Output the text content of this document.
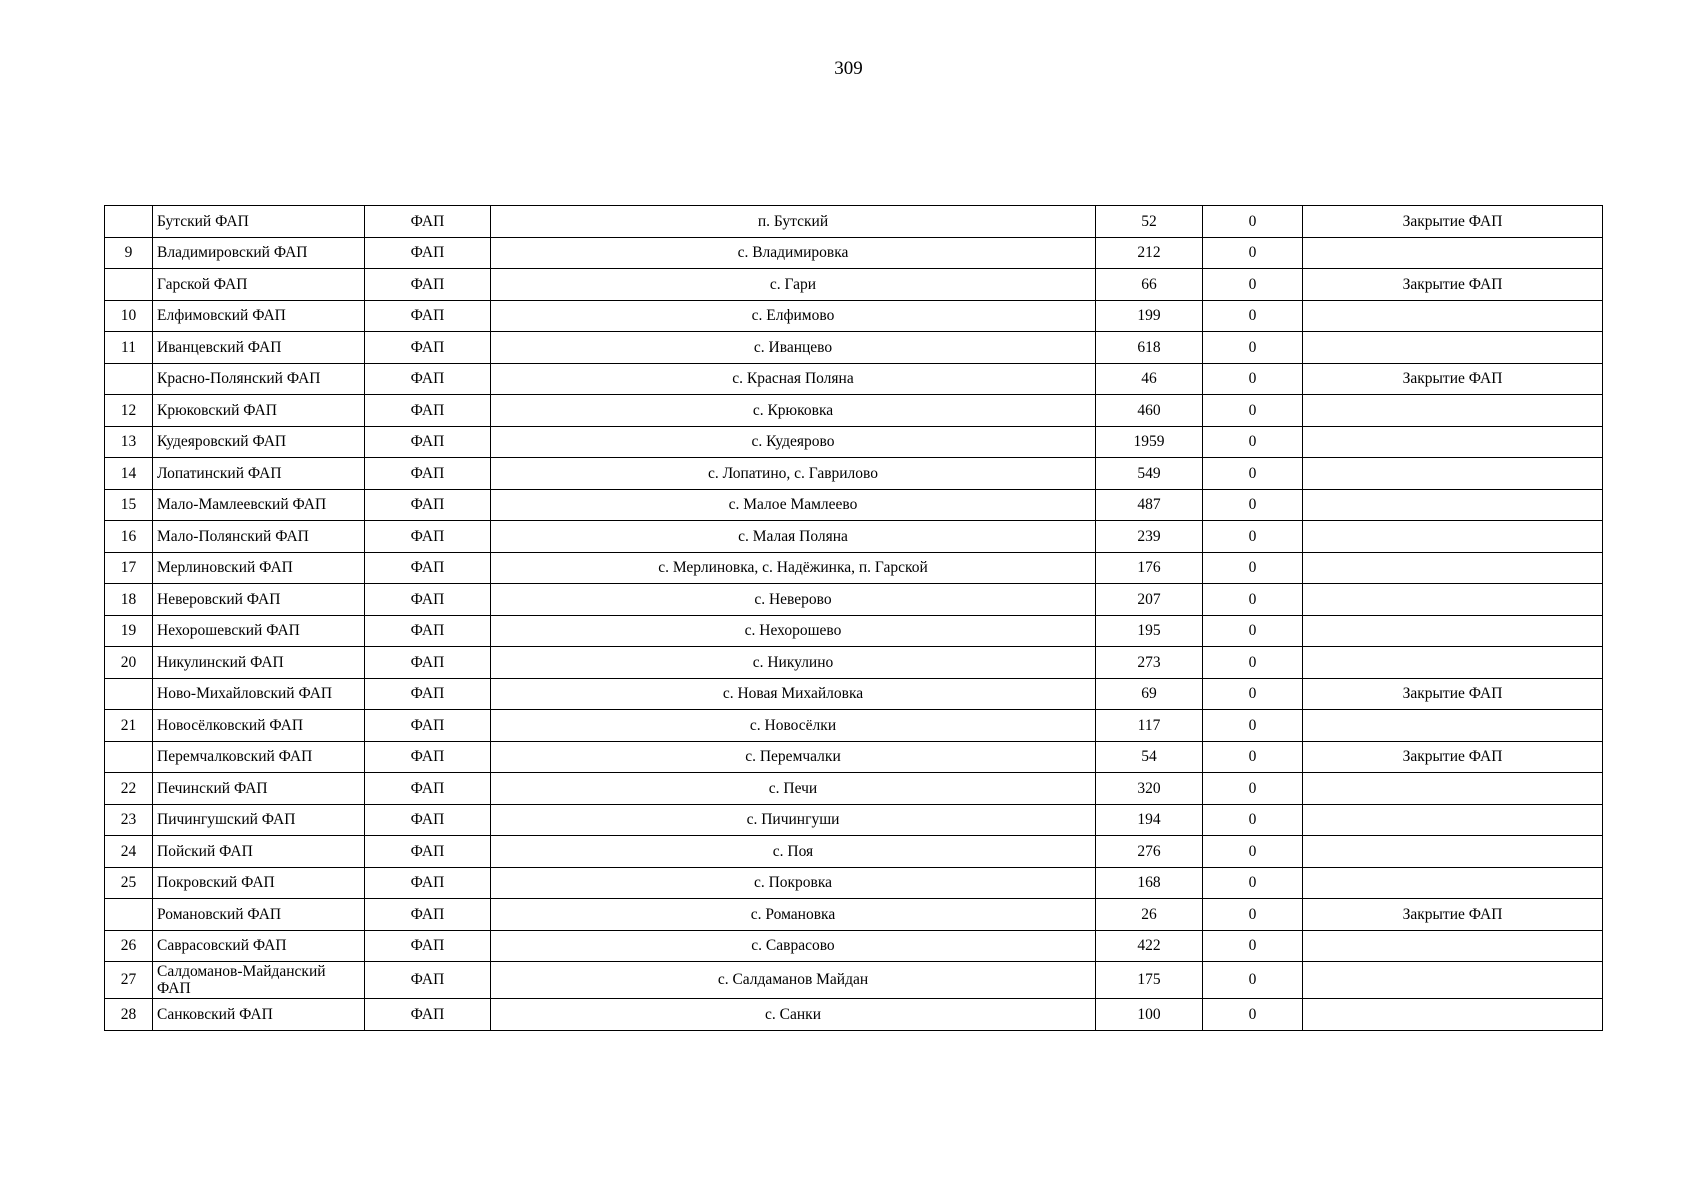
309
	Бутский ФАП	ФАП	п. Бутский	52	0	Закрытие ФАП
9	Владимировский ФАП	ФАП	с. Владимировка	212	0	
	Гарской ФАП	ФАП	с. Гари	66	0	Закрытие ФАП
10	Елфимовский ФАП	ФАП	с. Елфимово	199	0	
11	Иванцевский ФАП	ФАП	с. Иванцево	618	0	
	Красно-Полянский ФАП	ФАП	с. Красная Поляна	46	0	Закрытие ФАП
12	Крюковский ФАП	ФАП	с. Крюковка	460	0	
13	Кудеяровский ФАП	ФАП	с. Кудеярово	1959	0	
14	Лопатинский ФАП	ФАП	с. Лопатино, с. Гаврилово	549	0	
15	Мало-Мамлеевский ФАП	ФАП	с. Малое Мамлеево	487	0	
16	Мало-Полянский ФАП	ФАП	с. Малая Поляна	239	0	
17	Мерлиновский ФАП	ФАП	с. Мерлиновка, с. Надёжинка, п. Гарской	176	0	
18	Неверовский ФАП	ФАП	с. Неверово	207	0	
19	Нехорошевский ФАП	ФАП	с. Нехорошево	195	0	
20	Никулинский ФАП	ФАП	с. Никулино	273	0	
	Ново-Михайловский ФАП	ФАП	с. Новая Михайловка	69	0	Закрытие ФАП
21	Новосёлковский ФАП	ФАП	с. Новосёлки	117	0	
	Перемчалковский ФАП	ФАП	с. Перемчалки	54	0	Закрытие ФАП
22	Печинский ФАП	ФАП	с. Печи	320	0	
23	Пичингушский ФАП	ФАП	с. Пичингуши	194	0	
24	Пойский ФАП	ФАП	с. Поя	276	0	
25	Покровский ФАП	ФАП	с. Покровка	168	0	
	Романовский ФАП	ФАП	с. Романовка	26	0	Закрытие ФАП
26	Саврасовский ФАП	ФАП	с. Саврасово	422	0	
27	Салдоманов-Майданский ФАП	ФАП	с. Салдаманов Майдан	175	0	
28	Санковский ФАП	ФАП	с. Санки	100	0	
